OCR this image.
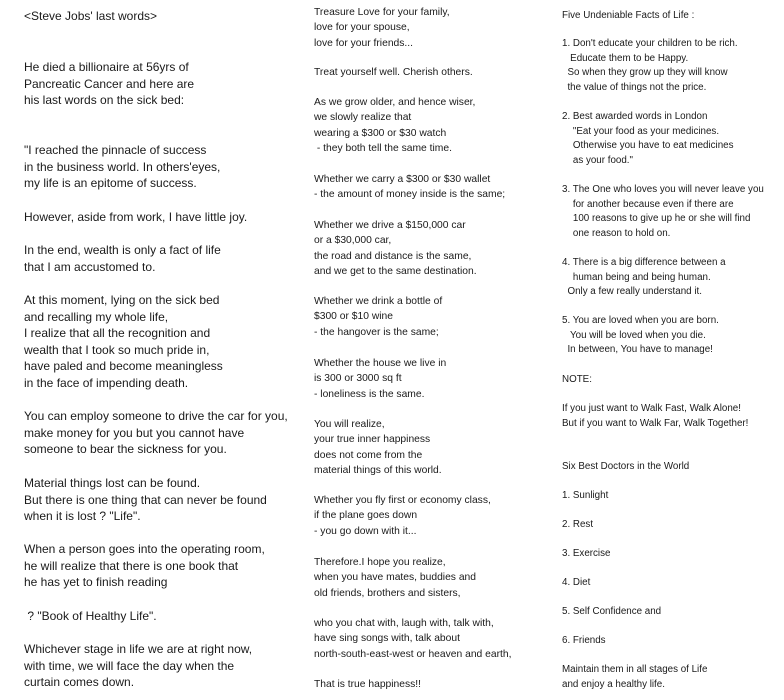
<Steve Jobs' last words>
He died a billionaire at 56yrs of
Pancreatic Cancer and here are
his last words on the sick bed:
"I reached the pinnacle of success
in the business world. In others'eyes,
my life is an epitome of success.
However, aside from work, I have little joy.
In the end, wealth is only a fact of life
that I am accustomed to.
At this moment, lying on the sick bed
and recalling my whole life,
I realize that all the recognition and
wealth that I took so much pride in,
have paled and become meaningless
in the face of impending death.
You can employ someone to drive the car for you,
make money for you but you cannot have
someone to bear the sickness for you.
Material things lost can be found.
But there is one thing that can never be found
when it is lost ? "Life".
When a person goes into the operating room,
he will realize that there is one book that
he has yet to finish reading
? "Book of Healthy Life".
Whichever stage in life we are at right now,
with time, we will face the day when the
curtain comes down.
Treasure Love for your family,
love for your spouse,
love for your friends...
Treat yourself well. Cherish others.
As we grow older, and hence wiser,
we slowly realize that
wearing a $300 or $30 watch
- they both tell the same time.
Whether we carry a $300 or $30 wallet
- the amount of money inside is the same;
Whether we drive a $150,000 car
or a $30,000 car,
the road and distance is the same,
and we get to the same destination.
Whether we drink a bottle of
$300 or $10 wine
- the hangover is the same;
Whether the house we live in
is 300 or 3000 sq ft
- loneliness is the same.
You will realize,
your true inner happiness
does not come from the
material things of this world.
Whether you fly first or economy class,
if the plane goes down
- you go down with it...
Therefore.I hope you realize,
when you have mates, buddies and
old friends, brothers and sisters,
who you chat with, laugh with, talk with,
have sing songs with, talk about
north-south-east-west or heaven and earth,
That is true happiness!!
Five Undeniable Facts of Life :
1. Don't educate your children to be rich.
Educate them to be Happy.
So when they grow up they will know
the value of things not the price.
2. Best awarded words in London
"Eat your food as your medicines.
Otherwise you have to eat medicines
as your food."
3. The One who loves you will never leave you
for another because even if there are
100 reasons to give up he or she will find
one reason to hold on.
4. There is a big difference between a
human being and being human.
Only a few really understand it.
5. You are loved when you are born.
You will be loved when you die.
In between, You have to manage!
NOTE:
If you just want to Walk Fast, Walk Alone!
But if you want to Walk Far, Walk Together!
Six Best Doctors in the World
1. Sunlight
2. Rest
3. Exercise
4. Diet
5. Self Confidence and
6. Friends
Maintain them in all stages of Life
and enjoy a healthy life.
